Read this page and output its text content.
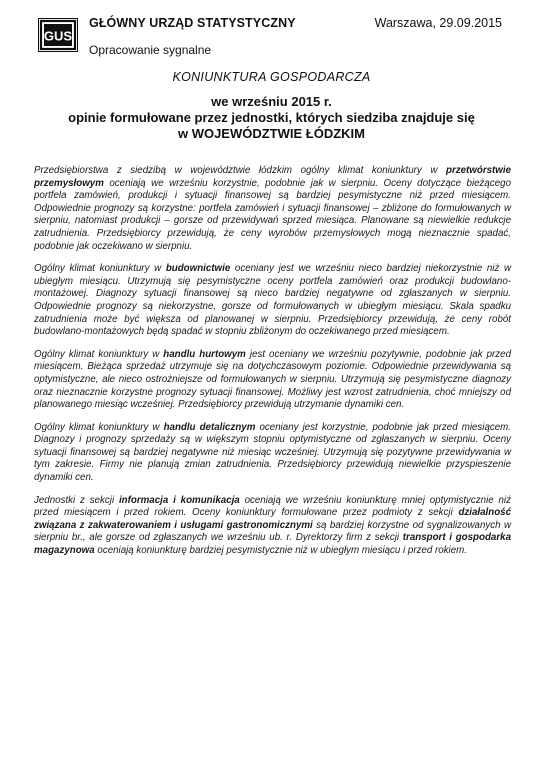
GUS
GŁÓWNY URZĄD STATYSTYCZNY	Warszawa, 29.09.2015
Opracowanie sygnalne
KONIUNKTURA GOSPODARCZA
we wrześniu 2015 r.
opinie formułowane przez jednostki, których siedziba znajduje się
w WOJEWÓDZTWIE ŁÓDZKIM

Przedsiębiorstwa z siedzibą w województwie łódzkim ogólny klimat koniunktury w przetwórstwie przemysłowym oceniają we wrześniu korzystnie, podobnie jak w sierpniu. Oceny dotyczące bieżącego portfela zamówień, produkcji i sytuacji finansowej są bardziej pesymistyczne niż przed miesiącem. Odpowiednie prognozy są korzystne: portfela zamówień i sytuacji finansowej – zbliżone do formułowanych w sierpniu, natomiast produkcji – gorsze od przewidywań sprzed miesiąca. Planowane są niewielkie redukcje zatrudnienia. Przedsiębiorcy przewidują, że ceny wyrobów przemysłowych mogą nieznacznie spadać, podobnie jak oczekiwano w sierpniu.

Ogólny klimat koniunktury w budownictwie oceniany jest we wrześniu nieco bardziej niekorzystnie niż w ubiegłym miesiącu. Utrzymują się pesymistyczne oceny portfela zamówień oraz produkcji budowlano-montażowej. Diagnozy sytuacji finansowej są nieco bardziej negatywne od zgłaszanych w sierpniu. Odpowiednie prognozy są niekorzystne, gorsze od formułowanych w ubiegłym miesiącu. Skala spadku zatrudnienia może być większa od planowanej w sierpniu. Przedsiębiorcy przewidują, że ceny robót budowlano-montażowych będą spadać w stopniu zbliżonym do oczekiwanego przed miesiącem.

Ogólny klimat koniunktury w handlu hurtowym jest oceniany we wrześniu pozytywnie, podobnie jak przed miesiącem. Bieżąca sprzedaż utrzymuje się na dotychczasowym poziomie. Odpowiednie przewidywania są optymistyczne, ale nieco ostrożniejsze od formułowanych w sierpniu. Utrzymują się pesymistyczne diagnozy oraz nieznacznie korzystne prognozy sytuacji finansowej. Możliwy jest wzrost zatrudnienia, choć mniejszy od planowanego miesiąc wcześniej. Przedsiębiorcy przewidują utrzymanie dynamiki cen.

Ogólny klimat koniunktury w handlu detalicznym oceniany jest korzystnie, podobnie jak przed miesiącem. Diagnozy i prognozy sprzedaży są w większym stopniu optymistyczne od zgłaszanych w sierpniu. Oceny sytuacji finansowej są bardziej negatywne niż miesiąc wcześniej. Utrzymują się pozytywne przewidywania w tym zakresie. Firmy nie planują zmian zatrudnienia. Przedsiębiorcy przewidują niewielkie przyspieszenie dynamiki cen.

Jednostki z sekcji informacja i komunikacja oceniają we wrześniu koniunkturę mniej optymistycznie niż przed miesiącem i przed rokiem. Oceny koniunktury formułowane przez podmioty z sekcji działalność związana z zakwaterowaniem i usługami gastronomicznymi są bardziej korzystne od sygnalizowanych w sierpniu br., ale gorsze od zgłaszanych we wrześniu ub. r. Dyrektorzy firm z sekcji transport i gospodarka magazynowa oceniają koniunkturę bardziej pesymistycznie niż w ubiegłym miesiącu i przed rokiem.
